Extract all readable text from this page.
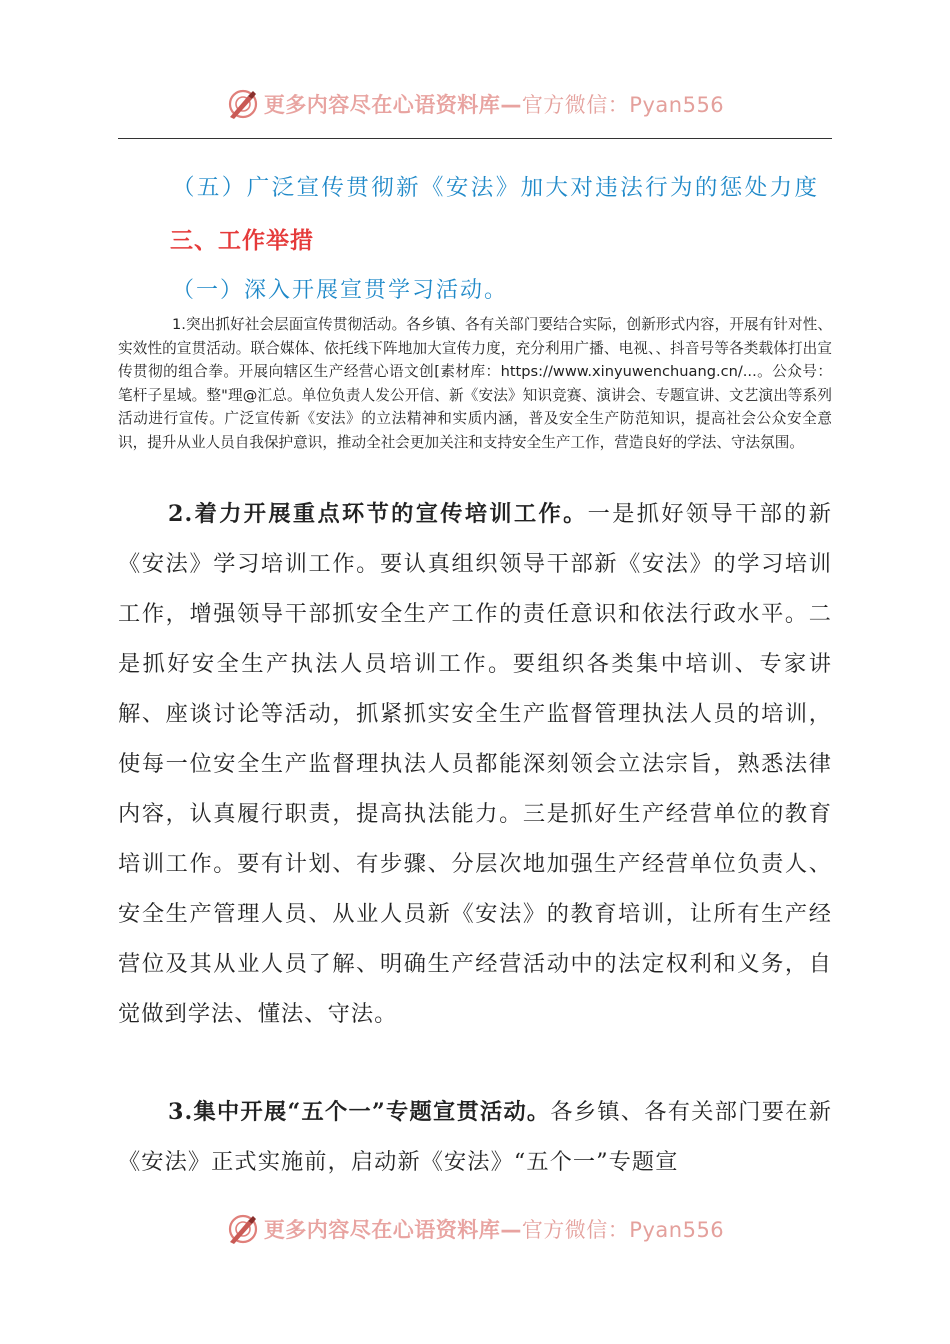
更多内容尽在心语资料库—官方微信：Pyan556
（五）广泛宣传贯彻新《安法》加大对违法行为的惩处力度
三、工作举措
（一）深入开展宣贯学习活动。

1.突出抓好社会层面宣传贯彻活动。各乡镇、各有关部门要结合实际，创新形式内容，开展有针对性、实效性的宣贯活动。联合媒体、依托线下阵地加大宣传力度，充分利用广播、电视、、抖音号等各类载体打出宣传贯彻的组合拳。开展向辖区生产经营心语文创[素材库：https://www.xinyuwenchuang.cn/...。公众号：笔杆子星域。整"理@汇总。单位负责人发公开信、新《安法》知识竞赛、演讲会、专题宣讲、文艺演出等系列活动进行宣传。广泛宣传新《安法》的立法精神和实质内涵，普及安全生产防范知识，提高社会公众安全意识，提升从业人员自我保护意识，推动全社会更加关注和支持安全生产工作，营造良好的学法、守法氛围。

2.着力开展重点环节的宣传培训工作。一是抓好领导干部的新《安法》学习培训工作。要认真组织领导干部新《安法》的学习培训工作，增强领导干部抓安全生产工作的责任意识和依法行政水平。二是抓好安全生产执法人员培训工作。要组织各类集中培训、专家讲解、座谈讨论等活动，抓紧抓实安全生产监督管理执法人员的培训，使每一位安全生产监督理执法人员都能深刻领会立法宗旨，熟悉法律内容，认真履行职责，提高执法能力。三是抓好生产经营单位的教育培训工作。要有计划、有步骤、分层次地加强生产经营单位负责人、安全生产管理人员、从业人员新《安法》的教育培训，让所有生产经营位及其从业人员了解、明确生产经营活动中的法定权利和义务，自觉做到学法、懂法、守法。

3.集中开展“五个一”专题宣贯活动。各乡镇、各有关部门要在新《安法》正式实施前，启动新《安法》“五个一”专题宣

更多内容尽在心语资料库—官方微信：Pyan556
